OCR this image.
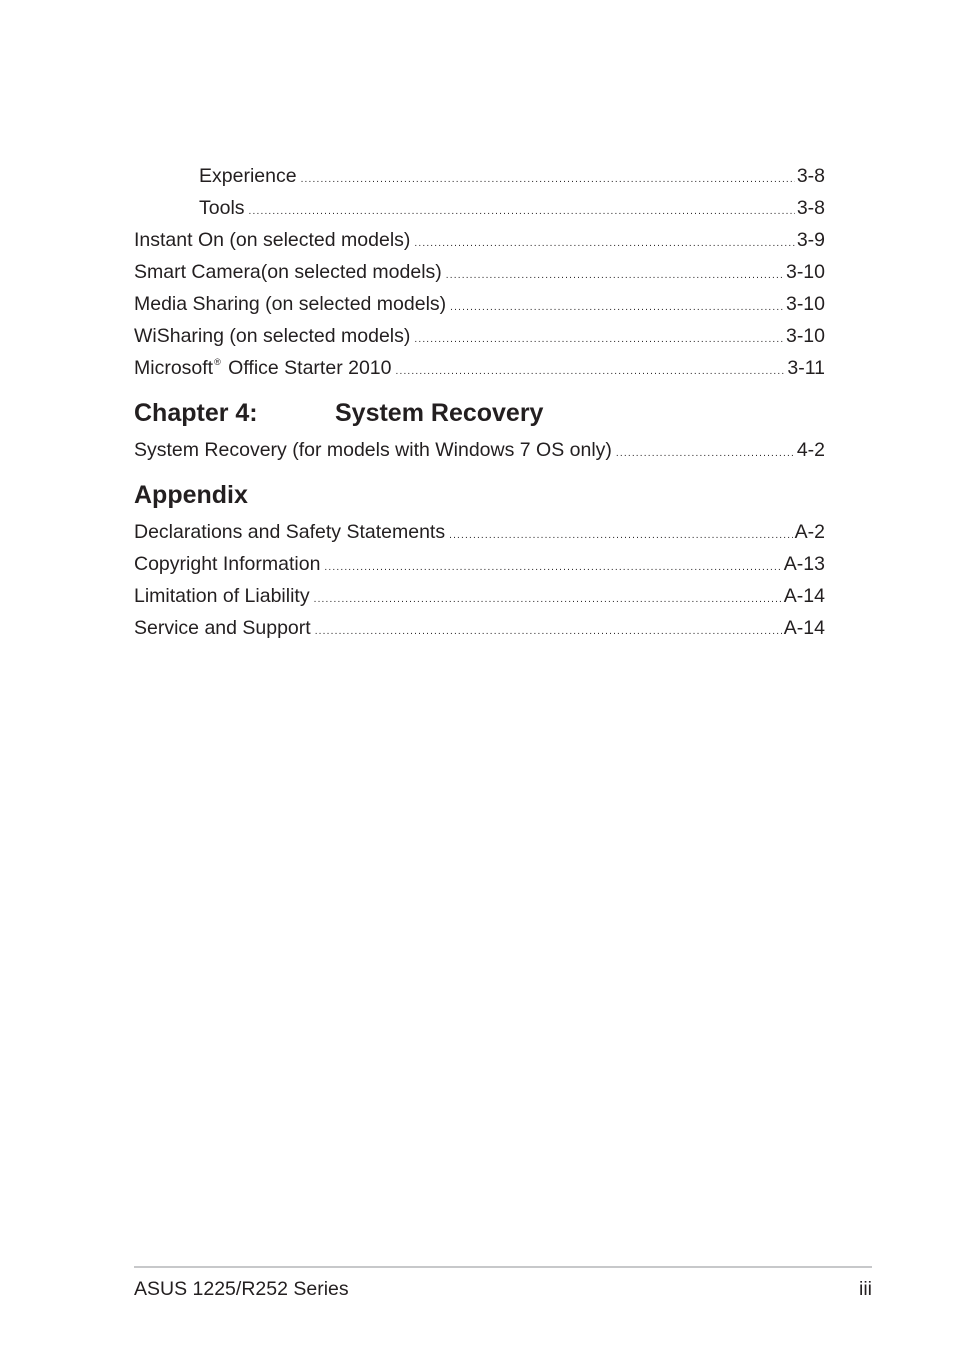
Experience .....	3-8
Tools .....	3-8
Instant On (on selected models) .....	3-9
Smart Camera(on selected models) .....	3-10
Media Sharing (on selected models) .....	3-10
WiSharing (on selected models) .....	3-10
Microsoft® Office Starter 2010 .....	3-11
Chapter 4:	System Recovery
System Recovery (for models with Windows 7 OS only) .....	4-2
Appendix
Declarations and Safety Statements .....	A-2
Copyright Information .....	A-13
Limitation of Liability .....	A-14
Service and Support .....	A-14
ASUS 1225/R252 Series	iii
